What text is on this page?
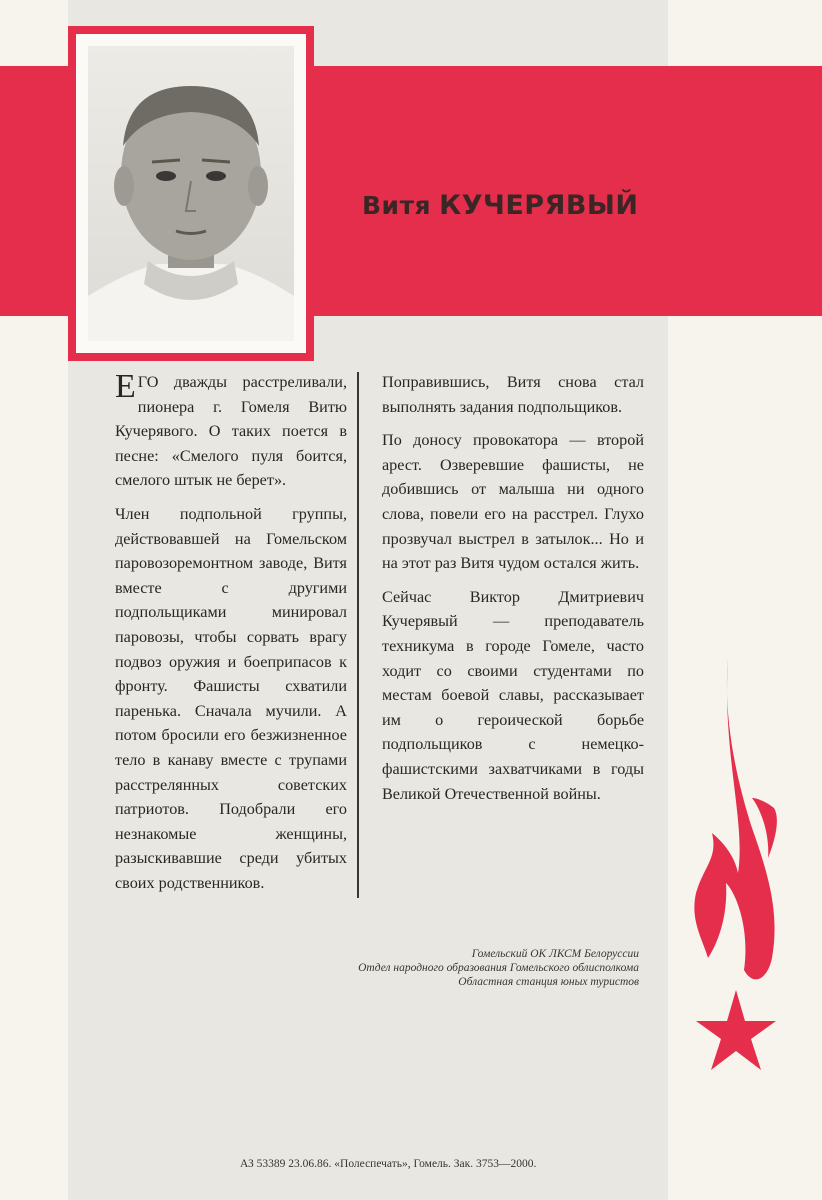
Витя КУЧЕРЯВЫЙ

ЕГО дважды расстреливали, пионера г. Гомеля Витю Кучерявого. О таких поется в песне: «Смелого пуля боится, смелого штык не берет».

Член подпольной группы, действовавшей на Гомельском паровозоремонтном заводе, Витя вместе с другими подпольщиками минировал паровозы, чтобы сорвать врагу подвоз оружия и боеприпасов к фронту. Фашисты схватили паренька. Сначала мучили. А потом бросили его безжизненное тело в канаву вместе с трупами расстрелянных советских патриотов. Подобрали его незнакомые женщины, разыскивавшие среди убитых своих родственников.

Поправившись, Витя снова стал выполнять задания подпольщиков.

По доносу провокатора — второй арест. Озверевшие фашисты, не добившись от малыша ни одного слова, повели его на расстрел. Глухо прозвучал выстрел в затылок... Но и на этот раз Витя чудом остался жить.

Сейчас Виктор Дмитриевич Кучерявый — преподаватель техникума в городе Гомеле, часто ходит со своими студентами по местам боевой славы, рассказывает им о героической борьбе подпольщиков с немецко-фашистскими захватчиками в годы Великой Отечественной войны.

Гомельский ОК ЛКСМ Белоруссии
Отдел народного образования Гомельского облисполкома
Областная станция юных туристов
АЗ 53389 23.06.86. «Полеспечать», Гомель. Зак. 3753—2000.
